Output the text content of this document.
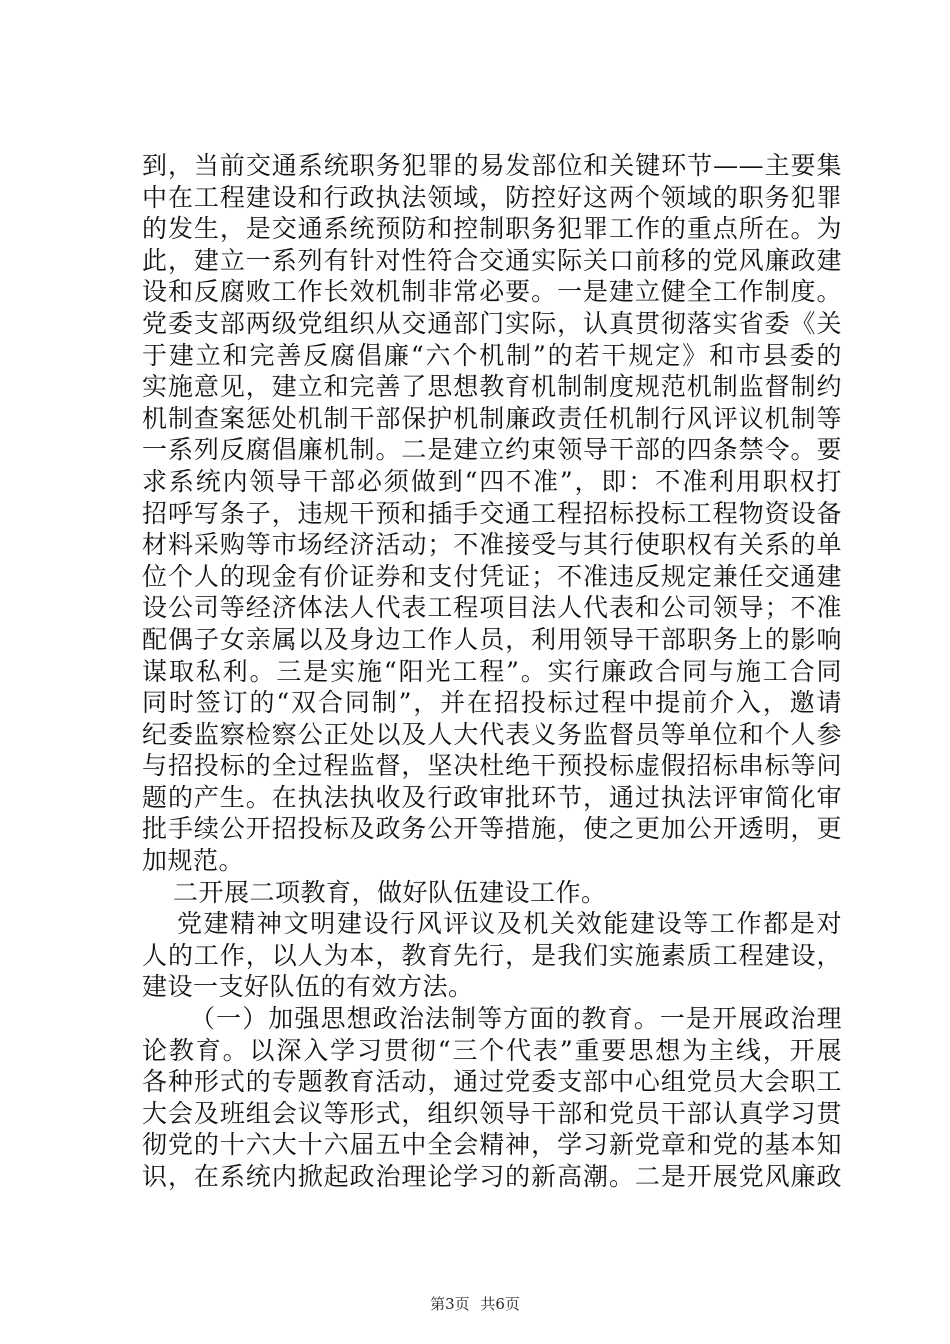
到，当前交通系统职务犯罪的易发部位和关键环节——主要集
中在工程建设和行政执法领域，防控好这两个领域的职务犯罪
的发生，是交通系统预防和控制职务犯罪工作的重点所在。为
此，建立一系列有针对性符合交通实际关口前移的党风廉政建
设和反腐败工作长效机制非常必要。一是建立健全工作制度。
党委支部两级党组织从交通部门实际，认真贯彻落实省委《关
于建立和完善反腐倡廉“六个机制”的若干规定》和市县委的
实施意见，建立和完善了思想教育机制制度规范机制监督制约
机制查案惩处机制干部保护机制廉政责任机制行风评议机制等
一系列反腐倡廉机制。二是建立约束领导干部的四条禁令。要
求系统内领导干部必须做到“四不准”，即：不准利用职权打
招呼写条子，违规干预和插手交通工程招标投标工程物资设备
材料采购等市场经济活动；不准接受与其行使职权有关系的单
位个人的现金有价证券和支付凭证；不准违反规定兼任交通建
设公司等经济体法人代表工程项目法人代表和公司领导；不准
配偶子女亲属以及身边工作人员，利用领导干部职务上的影响
谋取私利。三是实施“阳光工程”。实行廉政合同与施工合同
同时签订的“双合同制”，并在招投标过程中提前介入，邀请
纪委监察检察公正处以及人大代表义务监督员等单位和个人参
与招投标的全过程监督，坚决杜绝干预投标虚假招标串标等问
题的产生。在执法执收及行政审批环节，通过执法评审简化审
批手续公开招投标及政务公开等措施，使之更加公开透明，更
加规范。
二开展二项教育，做好队伍建设工作。
党建精神文明建设行风评议及机关效能建设等工作都是对
人的工作，以人为本，教育先行，是我们实施素质工程建设，
建设一支好队伍的有效方法。
（一）加强思想政治法制等方面的教育。一是开展政治理
论教育。以深入学习贯彻“三个代表”重要思想为主线，开展
各种形式的专题教育活动，通过党委支部中心组党员大会职工
大会及班组会议等形式，组织领导干部和党员干部认真学习贯
彻党的十六大十六届五中全会精神，学习新党章和党的基本知
识，在系统内掀起政治理论学习的新高潮。二是开展党风廉政
第3页 共6页
